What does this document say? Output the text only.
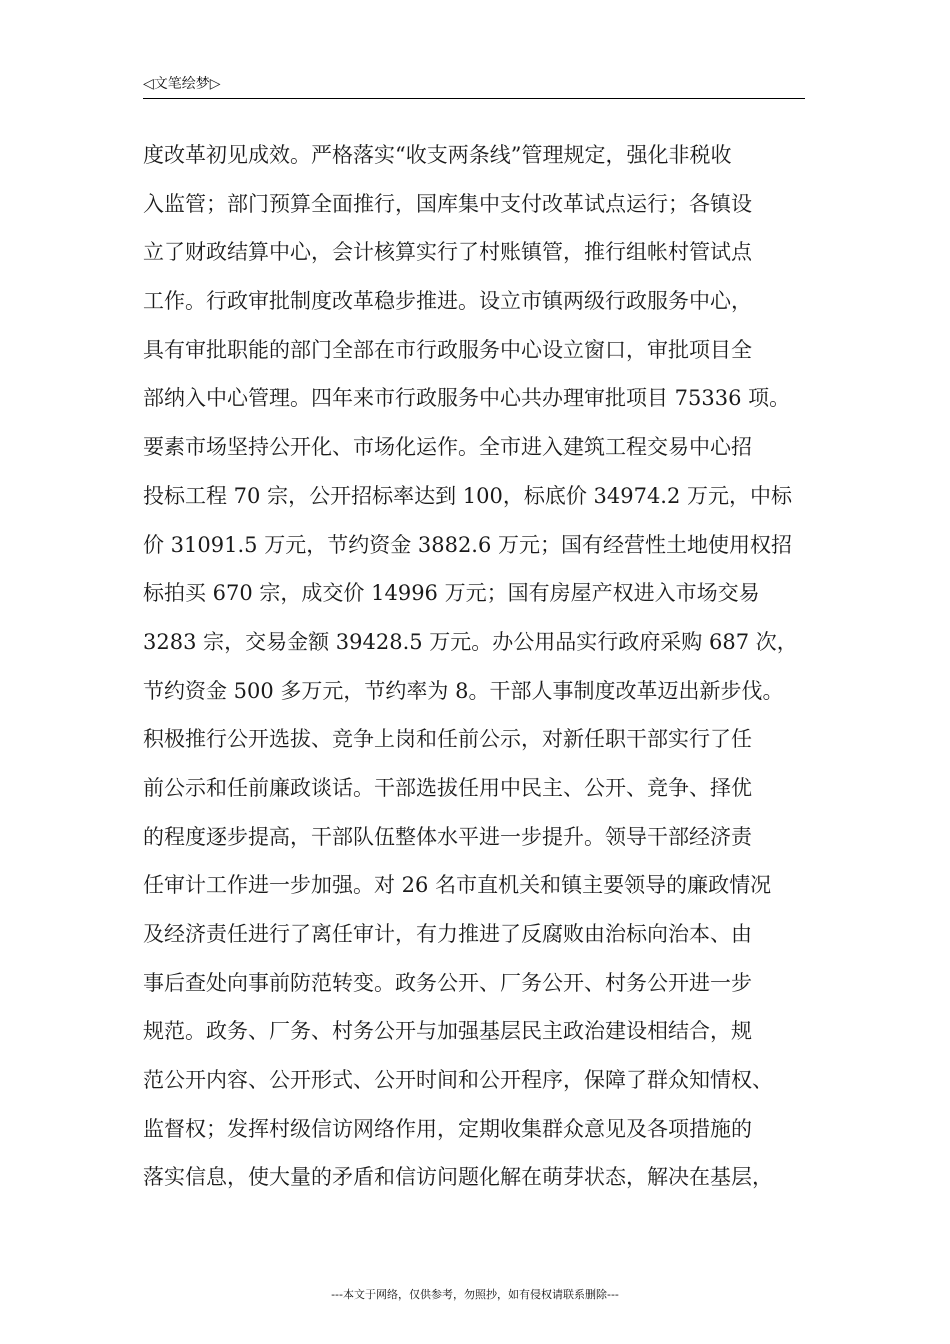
◁文笔绘梦▷
度改革初见成效。严格落实“收支两条线”管理规定，强化非税收
入监管；部门预算全面推行，国库集中支付改革试点运行；各镇设
立了财政结算中心，会计核算实行了村账镇管，推行组帐村管试点
工作。行政审批制度改革稳步推进。设立市镇两级行政服务中心，
具有审批职能的部门全部在市行政服务中心设立窗口，审批项目全
部纳入中心管理。四年来市行政服务中心共办理审批项目 75336 项。
要素市场坚持公开化、市场化运作。全市进入建筑工程交易中心招
投标工程 70 宗，公开招标率达到 100，标底价 34974.2 万元，中标
价 31091.5 万元，节约资金 3882.6 万元；国有经营性土地使用权招
标拍买 670 宗，成交价 14996 万元；国有房屋产权进入市场交易
3283 宗，交易金额 39428.5 万元。办公用品实行政府采购 687 次，
节约资金 500 多万元，节约率为 8。干部人事制度改革迈出新步伐。
积极推行公开选拔、竞争上岗和任前公示，对新任职干部实行了任
前公示和任前廉政谈话。干部选拔任用中民主、公开、竞争、择优
的程度逐步提高，干部队伍整体水平进一步提升。领导干部经济责
任审计工作进一步加强。对 26 名市直机关和镇主要领导的廉政情况
及经济责任进行了离任审计，有力推进了反腐败由治标向治本、由
事后查处向事前防范转变。政务公开、厂务公开、村务公开进一步
规范。政务、厂务、村务公开与加强基层民主政治建设相结合，规
范公开内容、公开形式、公开时间和公开程序，保障了群众知情权、
监督权；发挥村级信访网络作用，定期收集群众意见及各项措施的
落实信息，使大量的矛盾和信访问题化解在萌芽状态，解决在基层，
---本文于网络，仅供参考，勿照抄，如有侵权请联系删除---
